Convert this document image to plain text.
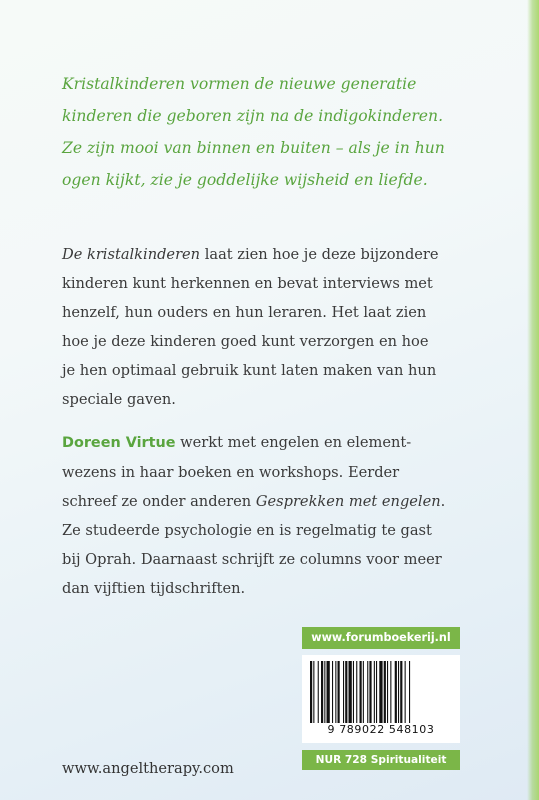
Kristalkinderen vormen de nieuwe generatie
kinderen die geboren zijn na de indigokinderen.
Ze zijn mooi van binnen en buiten – als je in hun
ogen kijkt, zie je goddelijke wijsheid en liefde.
De kristalkinderen laat zien hoe je deze bijzondere
kinderen kunt herkennen en bevat interviews met
henzelf, hun ouders en hun leraren. Het laat zien
hoe je deze kinderen goed kunt verzorgen en hoe
je hen optimaal gebruik kunt laten maken van hun
speciale gaven.
Doreen Virtue werkt met engelen en element-
wezens in haar boeken en workshops. Eerder
schreef ze onder anderen Gesprekken met engelen.
Ze studeerde psychologie en is regelmatig te gast
bij Oprah. Daarnaast schrijft ze columns voor meer
dan vijftien tijdschriften.
www.forumboekerij.nl
9 789022 548103
NUR 728 Spiritualiteit
www.angeltherapy.com
